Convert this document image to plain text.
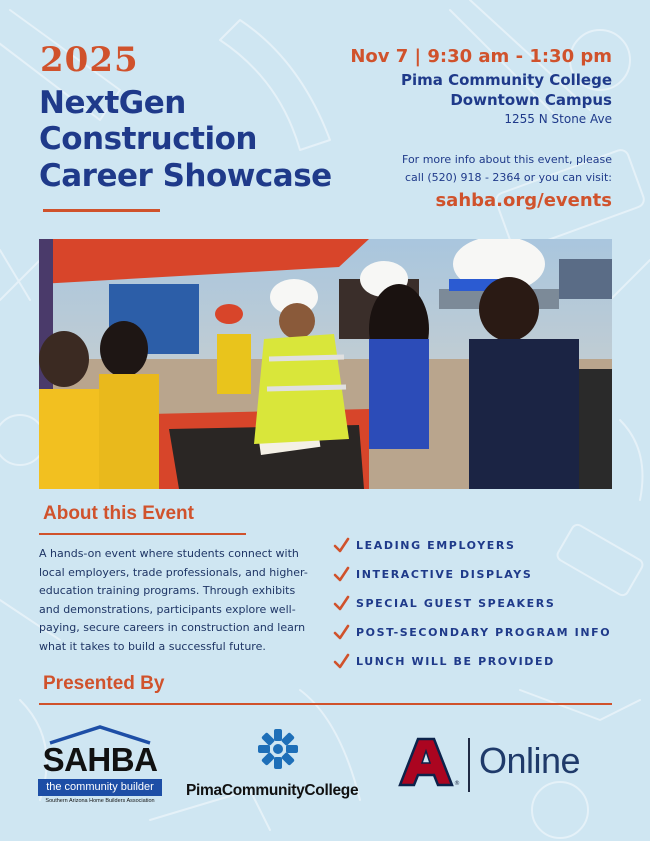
2025
NextGen
Construction
Career Showcase
Nov 7 | 9:30 am - 1:30 pm
Pima Community College
Downtown Campus
1255 N Stone Ave
For more info about this event, please
call (520) 918 - 2364 or you can visit:
sahba.org/events
About this Event
A hands-on event where students connect with
local employers, trade professionals, and higher-
education training programs. Through exhibits
and demonstrations, participants explore well-
paying, secure careers in construction and learn
what it takes to build a successful future.
LEADING EMPLOYERS
INTERACTIVE DISPLAYS
SPECIAL GUEST SPEAKERS
POST-SECONDARY PROGRAM INFO
LUNCH WILL BE PROVIDED
Presented By
SAHBA
the community builder
Southern Arizona Home Builders Association
PimaCommunityCollege	®
Online
